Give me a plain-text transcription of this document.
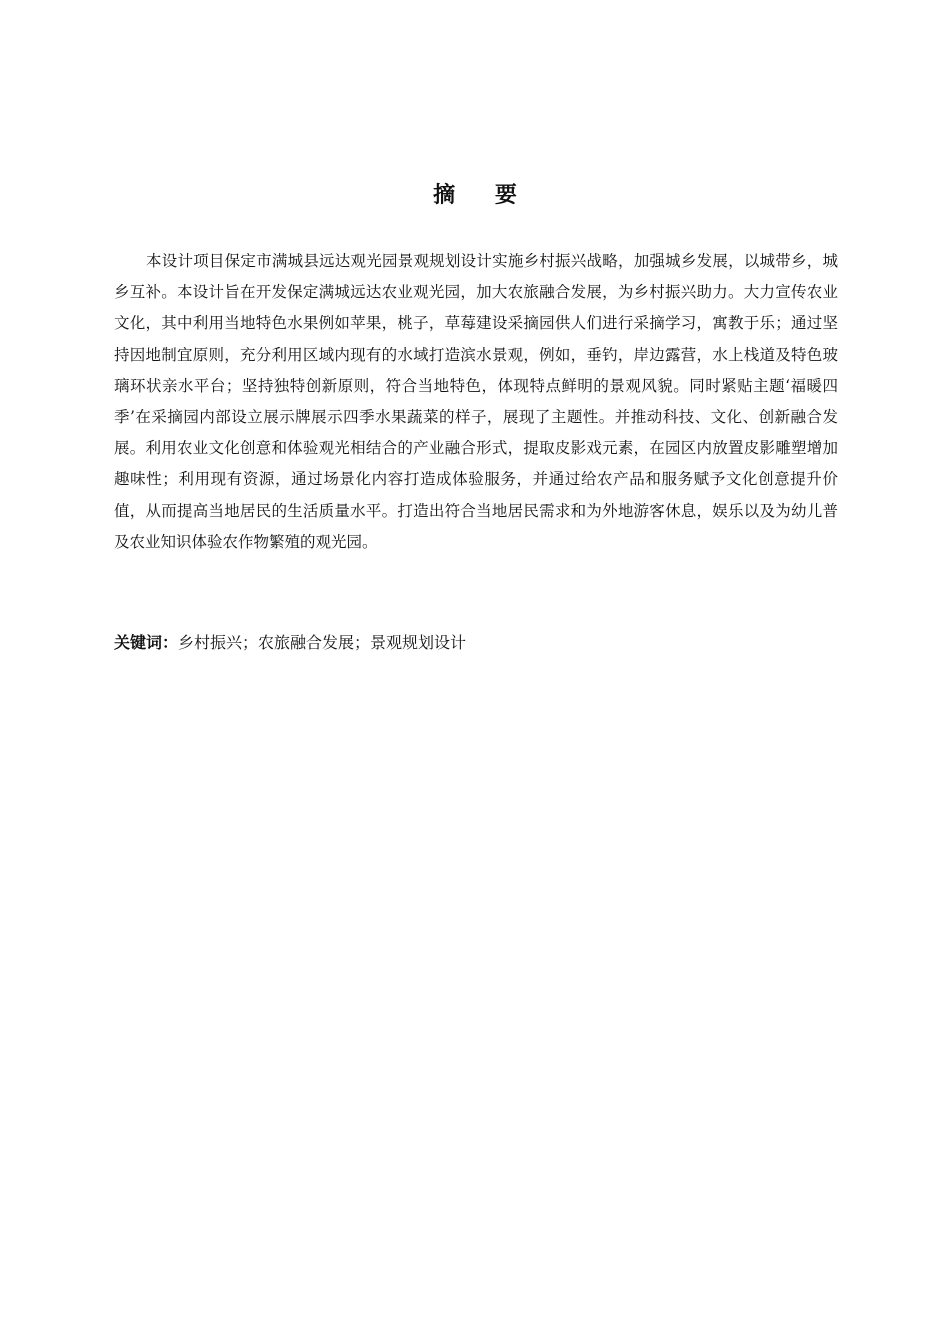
摘 要

本设计项目保定市满城县远达观光园景观规划设计实施乡村振兴战略，加强城乡发展，以城带乡，城乡互补。本设计旨在开发保定满城远达农业观光园，加大农旅融合发展，为乡村振兴助力。大力宣传农业文化，其中利用当地特色水果例如苹果，桃子，草莓建设采摘园供人们进行采摘学习，寓教于乐；通过坚持因地制宜原则，充分利用区域内现有的水域打造滨水景观，例如，垂钓，岸边露营，水上栈道及特色玻璃环状亲水平台；坚持独特创新原则，符合当地特色，体现特点鲜明的景观风貌。同时紧贴主题‘福暖四季’在采摘园内部设立展示牌展示四季水果蔬菜的样子，展现了主题性。并推动科技、文化、创新融合发展。利用农业文化创意和体验观光相结合的产业融合形式，提取皮影戏元素，在园区内放置皮影雕塑增加趣味性；利用现有资源，通过场景化内容打造成体验服务，并通过给农产品和服务赋予文化创意提升价值，从而提高当地居民的生活质量水平。打造出符合当地居民需求和为外地游客休息，娱乐以及为幼儿普及农业知识体验农作物繁殖的观光园。

关键词：乡村振兴；农旅融合发展；景观规划设计
